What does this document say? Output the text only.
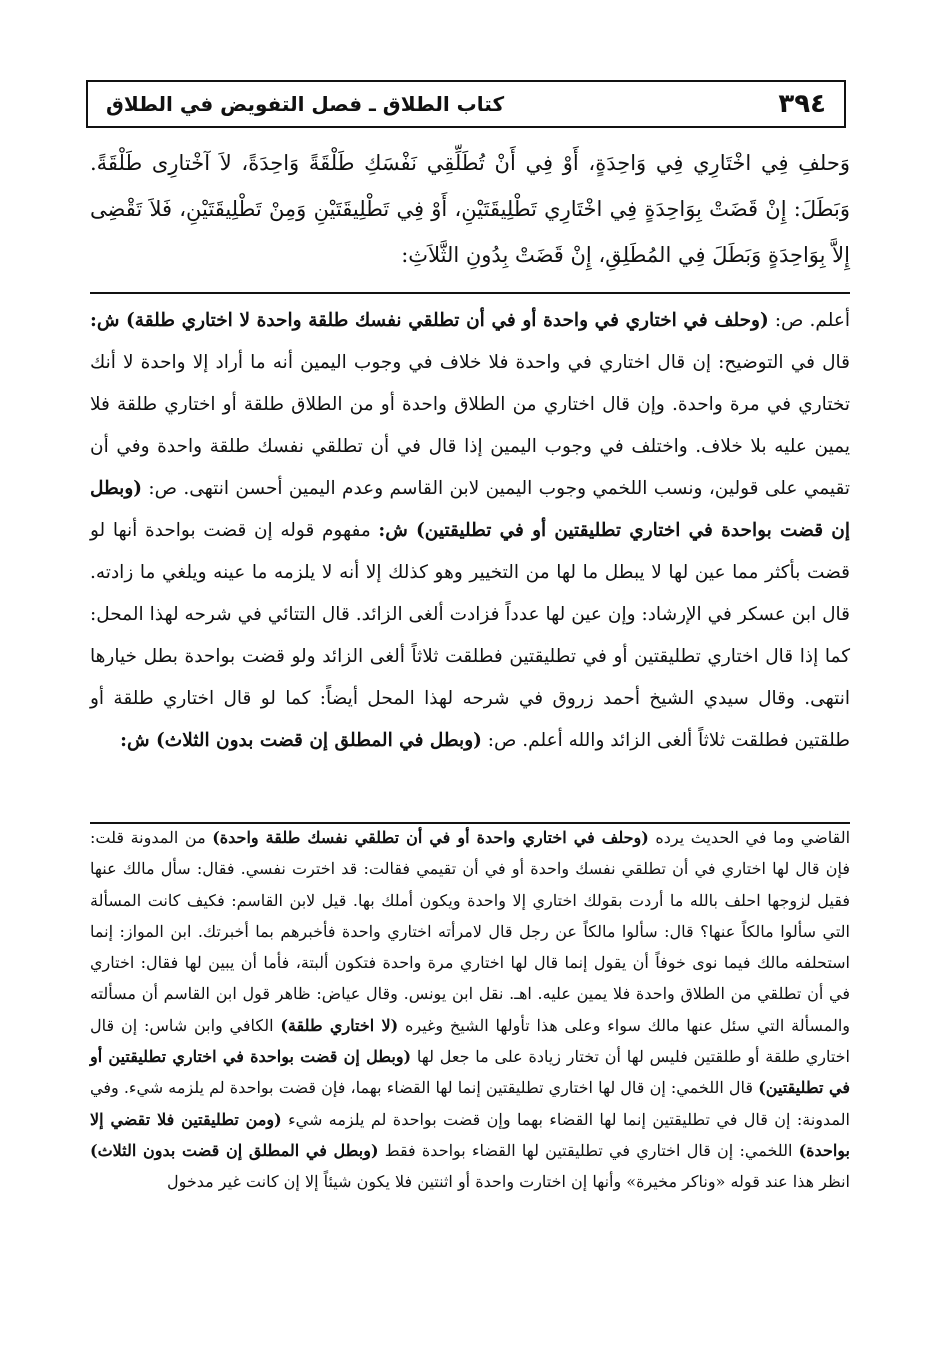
٣٩٤
كتاب الطلاق ـ فصل التفويض في الطلاق

وَحلفِ فِي اخْتَارِي فِي وَاحِدَةٍ، أَوْ فِي أَنْ تُطَلِّقِي نَفْسَكِ طَلْقَةً وَاحِدَةً، لاَ آخْتارِى طَلْقَةً. وَبَطَلَ: إِنْ قَضَتْ بِوَاحِدَةٍ فِي اخْتَارِي تَطْلِيقَتَيْنِ، أَوْ فِي تَطْلِيقَتَيْنِ وَمِنْ تَطْلِيقَتَيْنِ، فَلاَ تَقْضِى إِلاَّ بِوَاحِدَةٍ وَبَطَلَ فِي المُطَلِقِ، إِنْ قَضَتْ بِدُونِ الثَّلاَثِ:

أعلم. ص: (وحلف في اختاري في واحدة أو في أن تطلقي نفسك طلقة واحدة لا اختاري طلقة) ش: قال في التوضيح: إن قال اختاري في واحدة فلا خلاف في وجوب اليمين أنه ما أراد إلا واحدة لا أنك تختاري في مرة واحدة. وإن قال اختاري من الطلاق واحدة أو من الطلاق طلقة أو اختاري طلقة فلا يمين عليه بلا خلاف. واختلف في وجوب اليمين إذا قال في أن تطلقي نفسك طلقة واحدة وفي أن تقيمي على قولين، ونسب اللخمي وجوب اليمين لابن القاسم وعدم اليمين أحسن انتهى. ص: (وبطل إن قضت بواحدة في اختاري تطليقتين أو في تطليقتين) ش: مفهوم قوله إن قضت بواحدة أنها لو قضت بأكثر مما عين لها لا يبطل ما لها من التخيير وهو كذلك إلا أنه لا يلزمه ما عينه ويلغي ما زادته. قال ابن عسكر في الإرشاد: وإن عين لها عدداً فزادت ألغى الزائد. قال التتائي في شرحه لهذا المحل: كما إذا قال اختاري تطليقتين أو في تطليقتين فطلقت ثلاثاً ألغى الزائد ولو قضت بواحدة بطل خيارها انتهى. وقال سيدي الشيخ أحمد زروق في شرحه لهذا المحل أيضاً: كما لو قال اختاري طلقة أو طلقتين فطلقت ثلاثاً ألغى الزائد والله أعلم. ص: (وبطل في المطلق إن قضت بدون الثلاث) ش:

القاضي وما في الحديث يرده (وحلف في اختاري واحدة أو في أن تطلقي نفسك طلقة واحدة) من المدونة قلت: فإن قال لها اختاري في أن تطلقي نفسك واحدة أو في أن تقيمي فقالت: قد اخترت نفسي. فقال: سأل مالك عنها فقيل لزوجها احلف بالله ما أردت بقولك اختاري إلا واحدة ويكون أملك بها. قيل لابن القاسم: فكيف كانت المسألة التي سألوا مالكاً عنها؟ قال: سألوا مالكاً عن رجل قال لامرأته اختاري واحدة فأخبرهم بما أخبرتك. ابن المواز: إنما استحلفه مالك فيما نوى خوفاً أن يقول إنما قال لها اختاري مرة واحدة فتكون ألبتة، فأما أن يبين لها فقال: اختاري في أن تطلقي من الطلاق واحدة فلا يمين عليه. اهـ. نقل ابن يونس. وقال عياض: ظاهر قول ابن القاسم أن مسألته والمسألة التي سئل عنها مالك سواء وعلى هذا تأولها الشيخ وغيره (لا اختاري طلقة) الكافي وابن شاس: إن قال اختاري طلقة أو طلقتين فليس لها أن تختار زيادة على ما جعل لها (وبطل إن قضت بواحدة في اختاري تطليقتين أو في تطليقتين) قال اللخمي: إن قال لها اختاري تطليقتين إنما لها القضاء بهما، فإن قضت بواحدة لم يلزمه شيء. وفي المدونة: إن قال في تطليقتين إنما لها القضاء بهما وإن قضت بواحدة لم يلزمه شيء (ومن تطليقتين فلا تقضي إلا بواحدة) اللخمي: إن قال اختاري في تطليقتين لها القضاء بواحدة فقط (وبطل في المطلق إن قضت بدون الثلاث) انظر هذا عند قوله «وناكر مخيرة» وأنها إن اختارت واحدة أو اثنتين فلا يكون شيئاً إلا إن كانت غير مدخول
